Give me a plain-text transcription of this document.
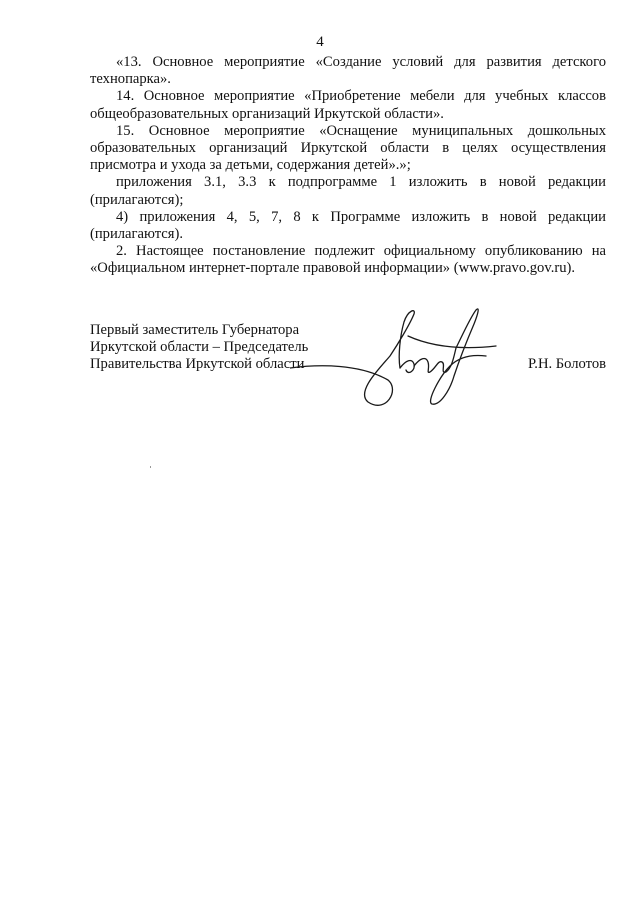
4

«13. Основное мероприятие «Создание условий для развития детского технопарка».

14. Основное мероприятие «Приобретение мебели для учебных классов общеобразовательных организаций Иркутской области».

15. Основное мероприятие «Оснащение муниципальных дошкольных образовательных организаций Иркутской области в целях осуществления присмотра и ухода за детьми, содержания детей».»;

приложения 3.1, 3.3 к подпрограмме 1 изложить в новой редакции (прилагаются);

4) приложения 4, 5, 7, 8 к Программе изложить в новой редакции (прилагаются).

2. Настоящее постановление подлежит официальному опубликованию на «Официальном интернет-портале правовой информации» (www.pravo.gov.ru).

Первый заместитель Губернатора
Иркутской области – Председатель
Правительства Иркутской области	Р.Н. Болотов
